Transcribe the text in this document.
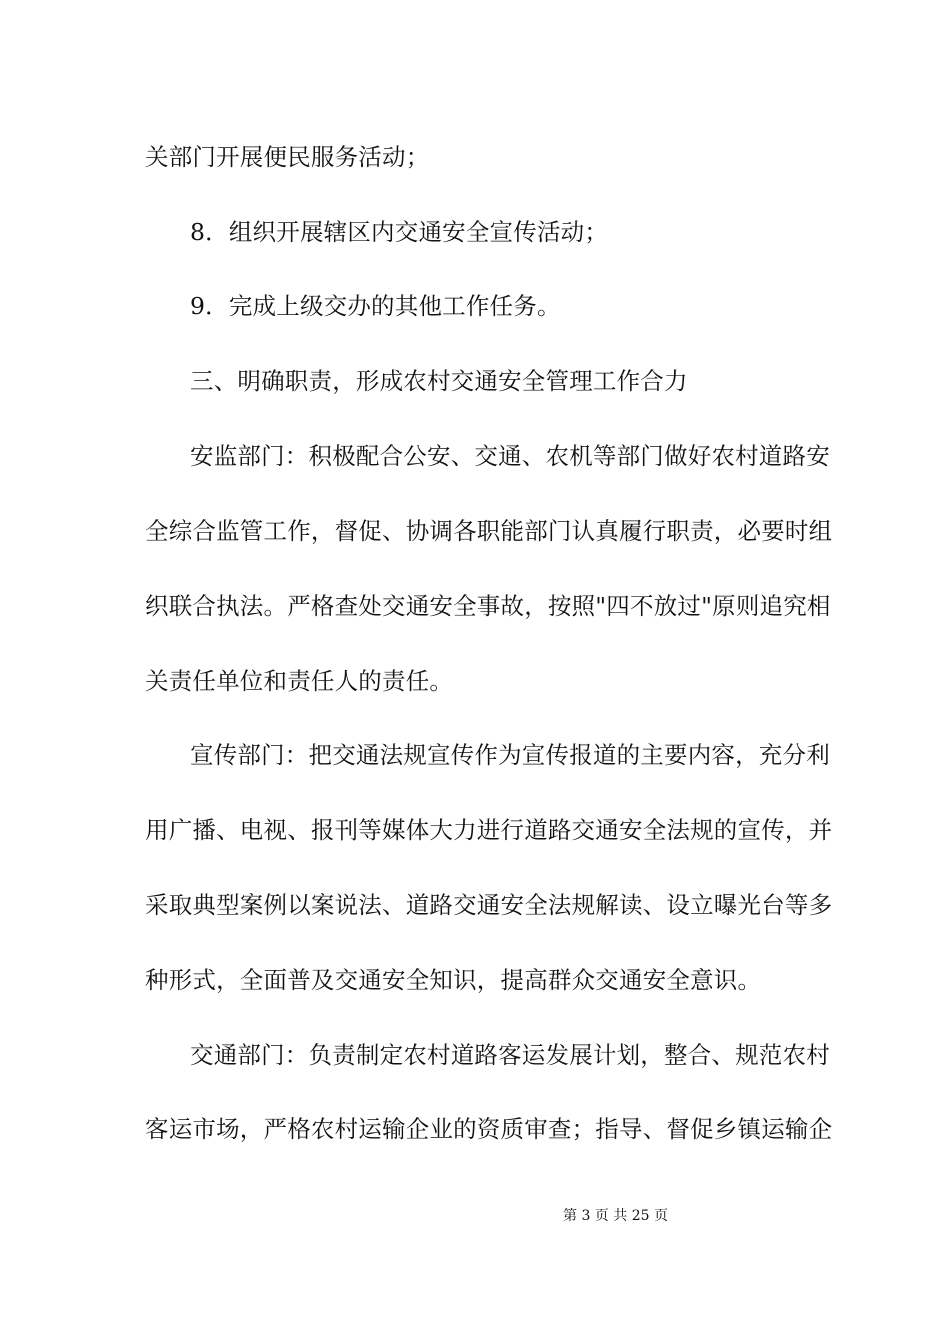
关部门开展便民服务活动；
8．组织开展辖区内交通安全宣传活动；
9．完成上级交办的其他工作任务。
三、明确职责，形成农村交通安全管理工作合力
安监部门：积极配合公安、交通、农机等部门做好农村道路安
全综合监管工作，督促、协调各职能部门认真履行职责，必要时组
织联合执法。严格查处交通安全事故，按照"四不放过"原则追究相
关责任单位和责任人的责任。
宣传部门：把交通法规宣传作为宣传报道的主要内容，充分利
用广播、电视、报刊等媒体大力进行道路交通安全法规的宣传，并
采取典型案例以案说法、道路交通安全法规解读、设立曝光台等多
种形式，全面普及交通安全知识，提高群众交通安全意识。
交通部门：负责制定农村道路客运发展计划，整合、规范农村
客运市场，严格农村运输企业的资质审查；指导、督促乡镇运输企
第 3 页 共 25 页
